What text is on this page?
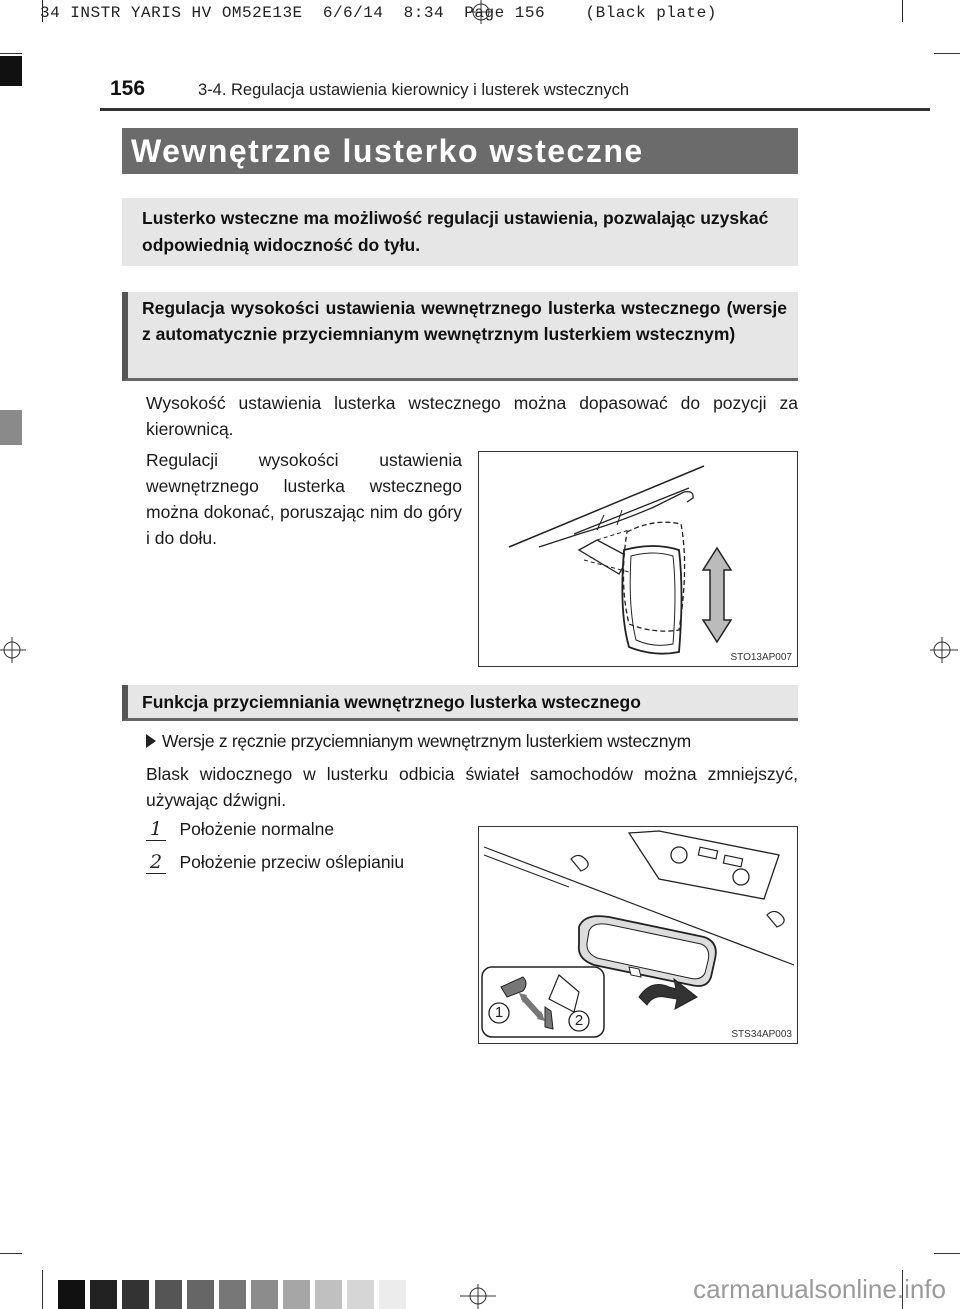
34 INSTR YARIS HV OM52E13E  6/6/14  8:34  Page 156    (Black plate)
156	3-4. Regulacja ustawienia kierownicy i lusterek wstecznych
Wewnętrzne lusterko wsteczne
Lusterko wsteczne ma możliwość regulacji ustawienia, pozwalając uzyskać odpowiednią widoczność do tyłu.
Regulacja wysokości ustawienia wewnętrznego lusterka wstecznego (wersje z automatycznie przyciemnianym wewnętrznym lusterkiem wstecznym)
Wysokość ustawienia lusterka wstecznego można dopasować do pozycji za kierownicą.
Regulacji wysokości ustawienia wewnętrznego lusterka wstecznego można dokonać, poruszając nim do góry i do dołu.
STO13AP007
Funkcja przyciemniania wewnętrznego lusterka wstecznego
Wersje z ręcznie przyciemnianym wewnętrznym lusterkiem wstecznym
Blask widocznego w lusterku odbicia świateł samochodów można zmniejszyć, używając dźwigni.
1 Położenie normalne
2 Położenie przeciw oślepianiu
1	2
STS34AP003
carmanualsonline.info
